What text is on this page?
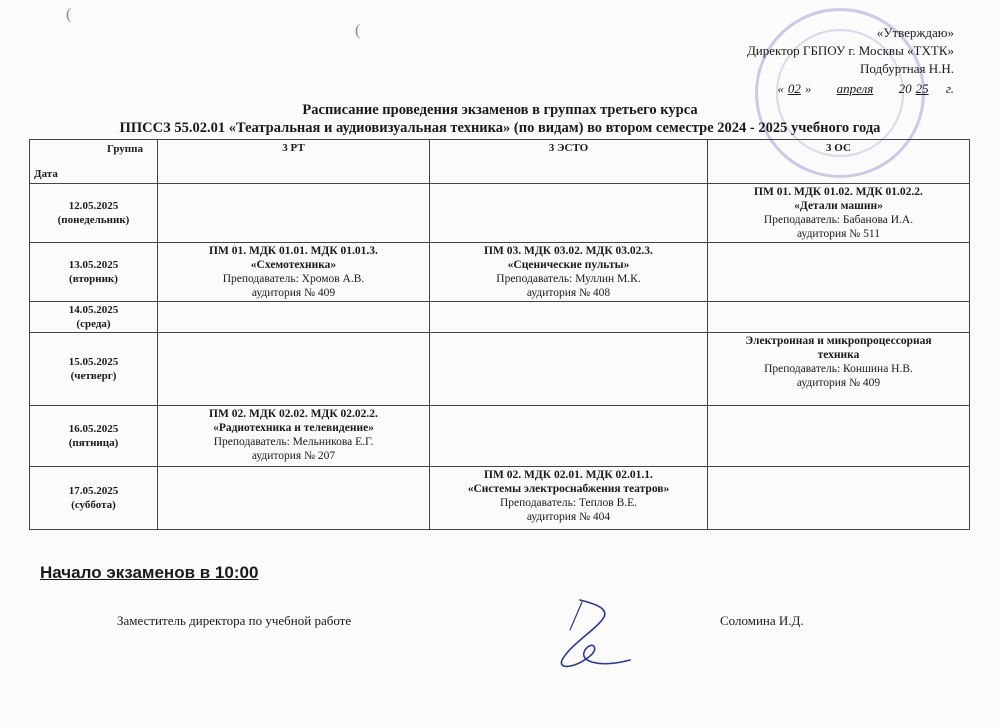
(
(	«Утверждаю»
Директор ГБПОУ г. Москвы «ТХТК»
Подбуртная Н.Н.
« 02 » апреля 20 25 г.
Расписание проведения экзаменов в группах третьего курса
ППССЗ 55.02.01 «Театральная и аудиовизуальная техника» (по видам) во втором семестре 2024 - 2025 учебного года
Группа
Дата	3 РТ	3 ЭСТО	3 ОС

12.05.2025
(понедельник)			ПМ 01. МДК 01.02. МДК 01.02.2.
«Детали машин»
Преподаватель: Бабанова И.А.
аудитория № 511

13.05.2025
(вторник)	ПМ 01. МДК 01.01. МДК 01.01.3.
«Схемотехника»
Преподаватель: Хромов А.В.
аудитория № 409	ПМ 03. МДК 03.02. МДК 03.02.3.
«Сценические пульты»
Преподаватель: Муллин М.К.
аудитория № 408	

14.05.2025
(среда)			

15.05.2025
(четверг)			Электронная и микропроцессорная
техника
Преподаватель: Коншина Н.В.
аудитория № 409

16.05.2025
(пятница)	ПМ 02. МДК 02.02. МДК 02.02.2.
«Радиотехника и телевидение»
Преподаватель: Мельникова Е.Г.
аудитория № 207		

17.05.2025
(суббота)		ПМ 02. МДК 02.01. МДК 02.01.1.
«Системы электроснабжения театров»
Преподаватель: Теплов В.Е.
аудитория № 404	

Начало экзаменов в 10:00
Заместитель директора по учебной работе	Соломина И.Д.
